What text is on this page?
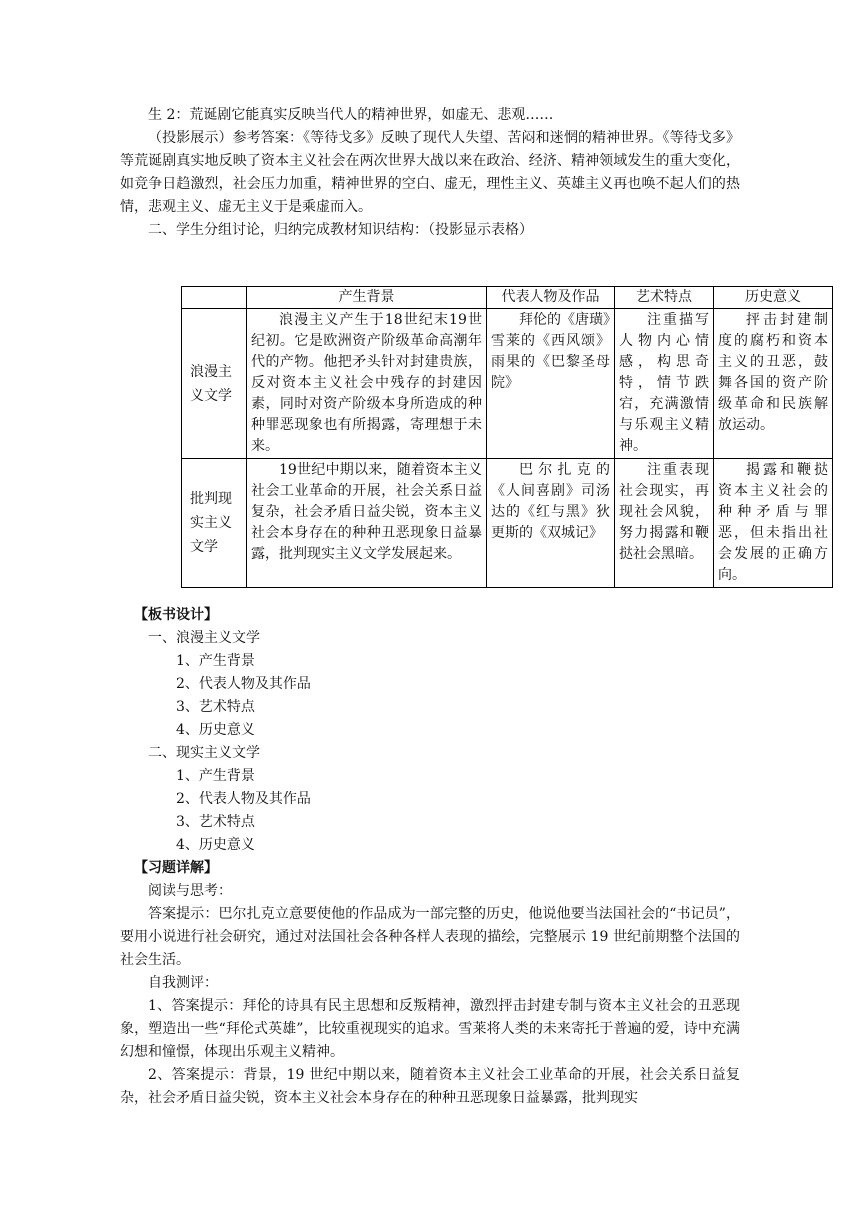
生 2：荒诞剧它能真实反映当代人的精神世界，如虚无、悲观……

（投影展示）参考答案：《等待戈多》反映了现代人失望、苦闷和迷惘的精神世界。《等待戈多》等荒诞剧真实地反映了资本主义社会在两次世界大战以来在政治、经济、精神领域发生的重大变化，如竞争日趋激烈，社会压力加重，精神世界的空白、虚无，理性主义、英雄主义再也唤不起人们的热情，悲观主义、虚无主义于是乘虚而入。

二、学生分组讨论，归纳完成教材知识结构：（投影显示表格）

	产生背景	代表人物及作品	艺术特点	历史意义
浪漫主义文学	浪漫主义产生于18世纪末19世纪初。它是欧洲资产阶级革命高潮年代的产物。他把矛头针对封建贵族，反对资本主义社会中残存的封建因素，同时对资产阶级本身所造成的种种罪恶现象也有所揭露，寄理想于未来。	拜伦的《唐璜》雪莱的《西风颂》雨果的《巴黎圣母院》	注重描写人物内心情感，构思奇特，情节跌宕，充满激情与乐观主义精神。	抨击封建制度的腐朽和资本主义的丑恶，鼓舞各国的资产阶级革命和民族解放运动。

批判现实主义文学	19世纪中期以来，随着资本主义社会工业革命的开展，社会关系日益复杂，社会矛盾日益尖锐，资本主义社会本身存在的种种丑恶现象日益暴露，批判现实主义文学发展起来。	巴尔扎克的《人间喜剧》司汤达的《红与黑》狄更斯的《双城记》	注重表现社会现实，再现社会风貌，努力揭露和鞭挞社会黑暗。	揭露和鞭挞资本主义社会的种种矛盾与罪恶，但未指出社会发展的正确方向。

【板书设计】
一、浪漫主义文学
1、产生背景
2、代表人物及其作品
3、艺术特点
4、历史意义
二、现实主义文学
1、产生背景
2、代表人物及其作品
3、艺术特点
4、历史意义
【习题详解】
阅读与思考：

答案提示：巴尔扎克立意要使他的作品成为一部完整的历史，他说他要当法国社会的“书记员”，要用小说进行社会研究，通过对法国社会各种各样人表现的描绘，完整展示 19 世纪前期整个法国的社会生活。

自我测评：

1、答案提示：拜伦的诗具有民主思想和反叛精神，激烈抨击封建专制与资本主义社会的丑恶现象，塑造出一些“拜伦式英雄”，比较重视现实的追求。雪莱将人类的未来寄托于普遍的爱，诗中充满幻想和憧憬，体现出乐观主义精神。

2、答案提示：背景，19 世纪中期以来，随着资本主义社会工业革命的开展，社会关系日益复杂，社会矛盾日益尖锐，资本主义社会本身存在的种种丑恶现象日益暴露，批判现实
